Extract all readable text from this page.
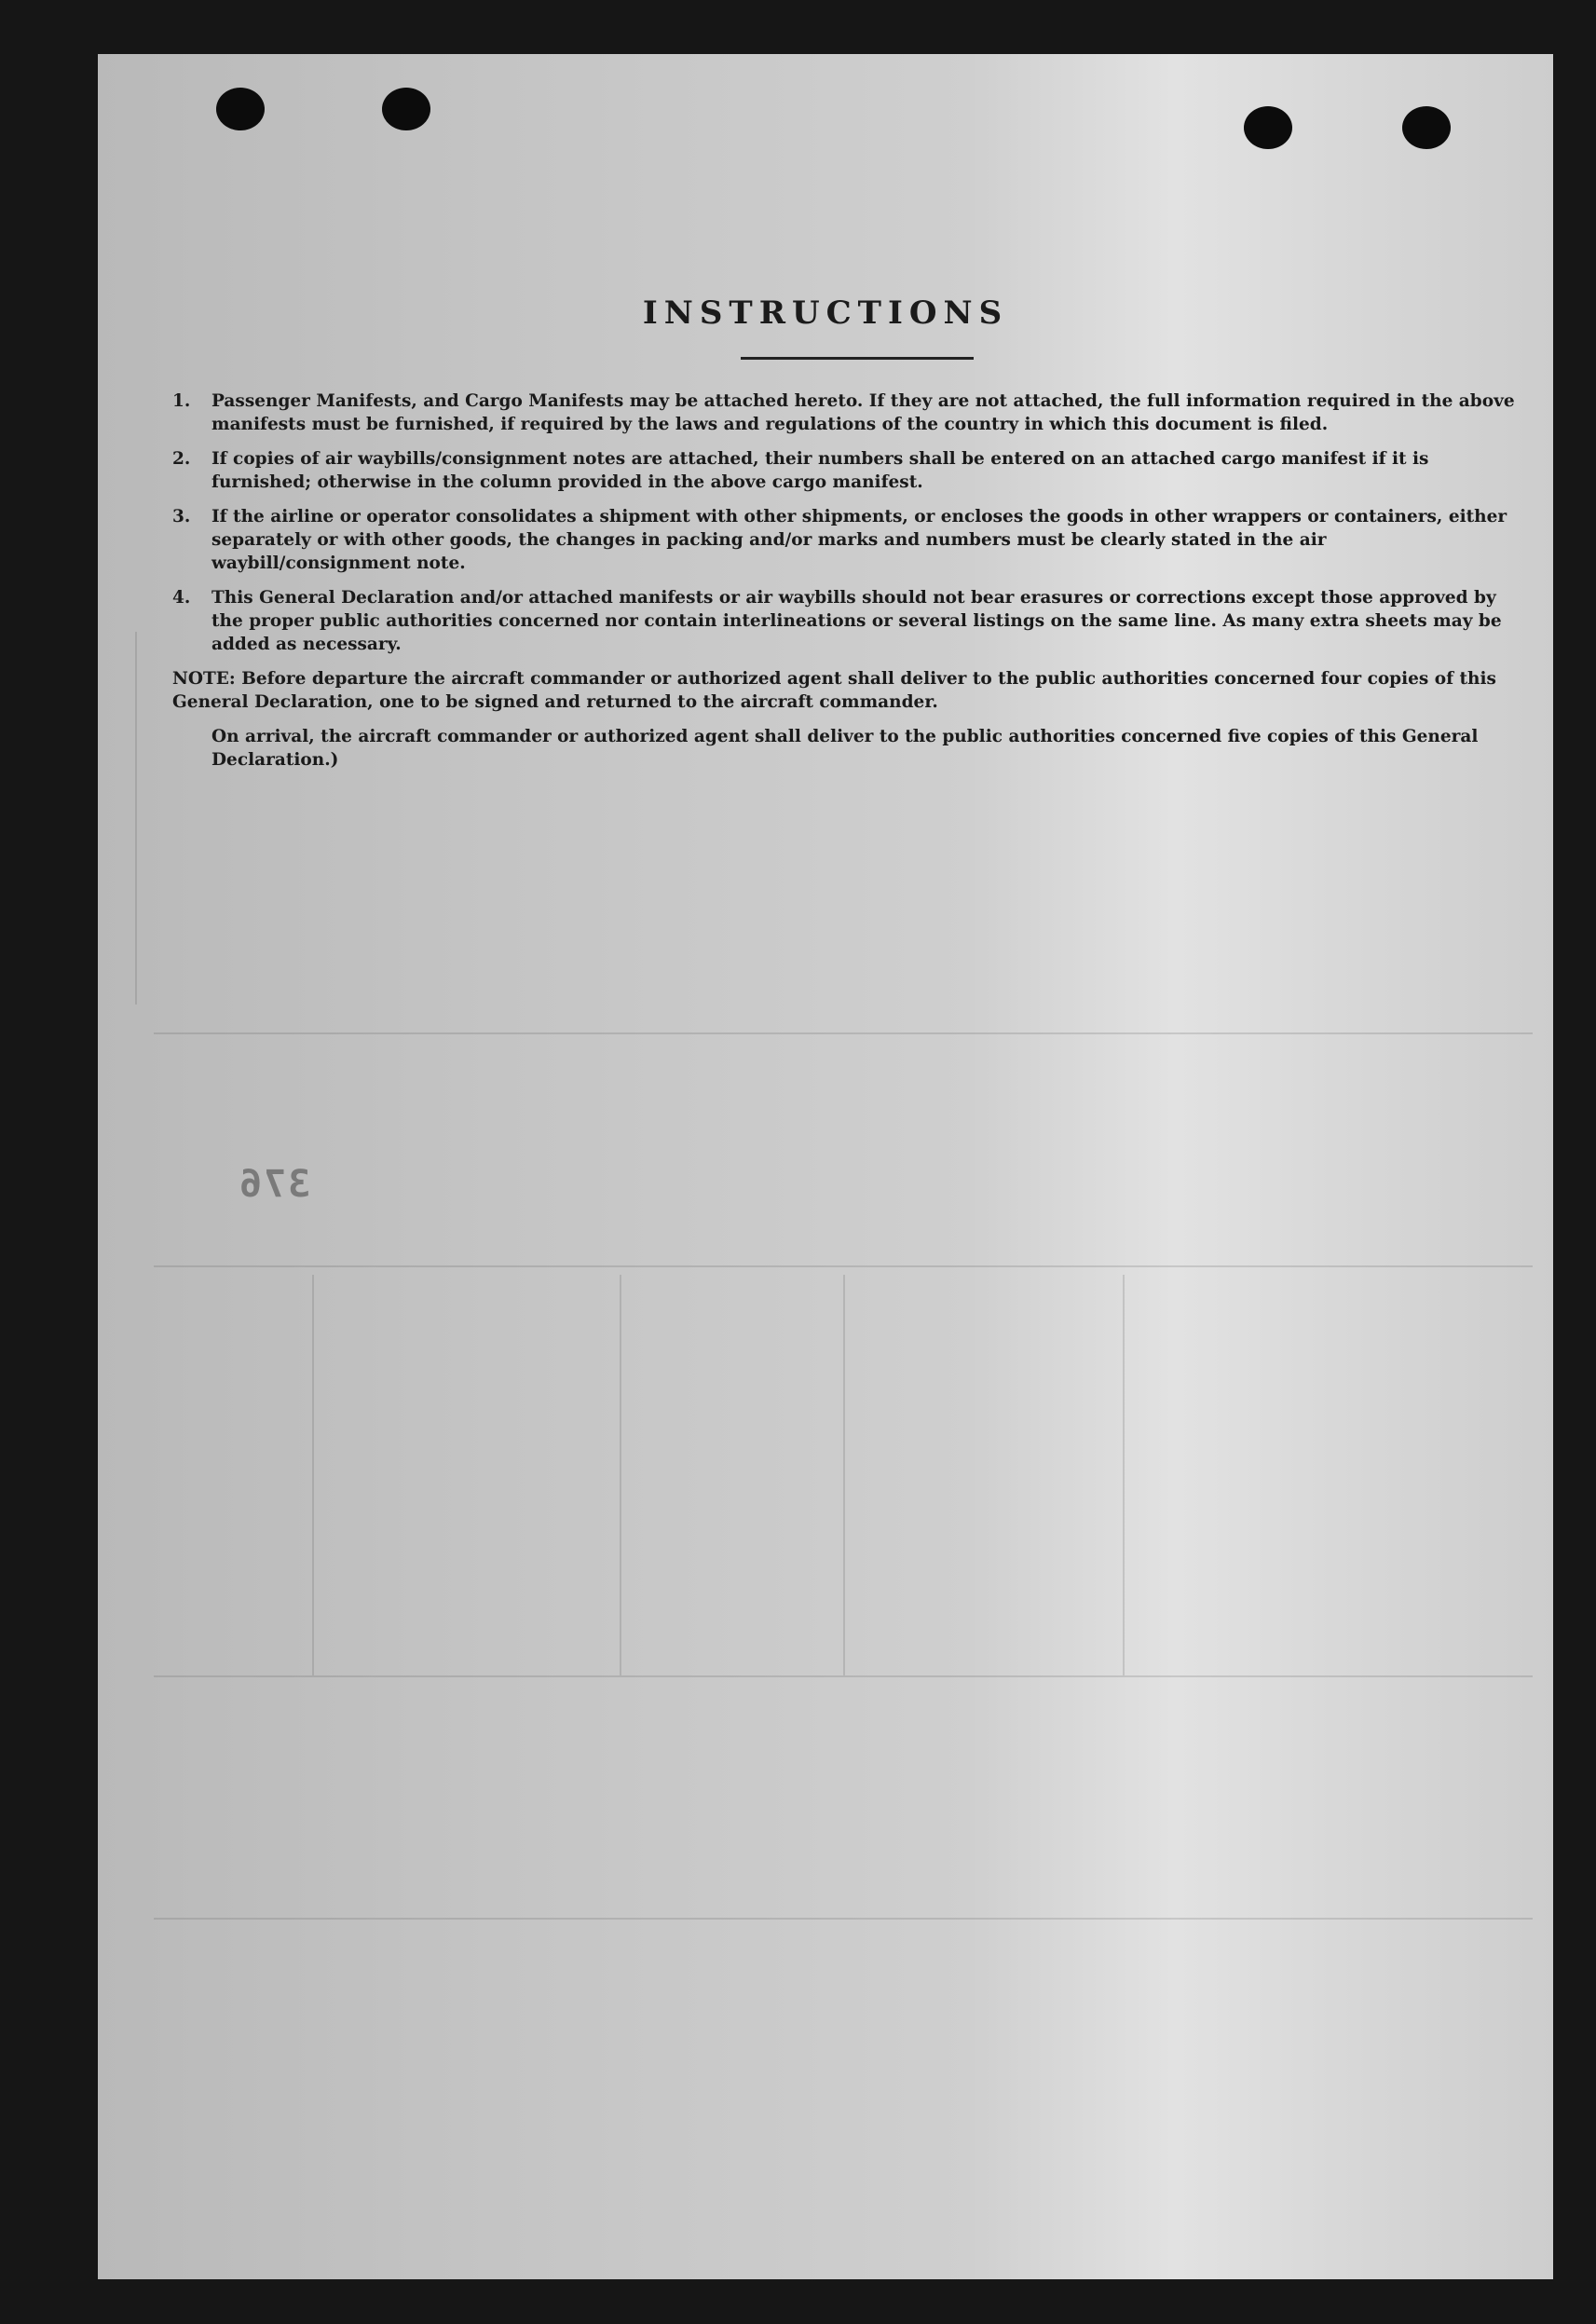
INSTRUCTIONS
1.	Passenger Manifests, and Cargo Manifests may be attached hereto. If they are not attached, the full information required in the above manifests must be furnished, if required by the laws and regulations of the country in which this document is filed.
2.	If copies of air waybills/consignment notes are attached, their numbers shall be entered on an attached cargo manifest if it is furnished; otherwise in the column provided in the above cargo manifest.
3.	If the airline or operator consolidates a shipment with other shipments, or encloses the goods in other wrappers or containers, either separately or with other goods, the changes in packing and/or marks and numbers must be clearly stated in the air waybill/consignment note.
4.	This General Declaration and/or attached manifests or air waybills should not bear erasures or corrections except those approved by the proper public authorities concerned nor contain interlineations or several listings on the same line. As many extra sheets may be added as necessary.
NOTE: Before departure the aircraft commander or authorized agent shall deliver to the public authorities concerned four copies of this General Declaration, one to be signed and returned to the aircraft commander.
On arrival, the aircraft commander or authorized agent shall deliver to the public authorities concerned five copies of this General Declaration.)
376
